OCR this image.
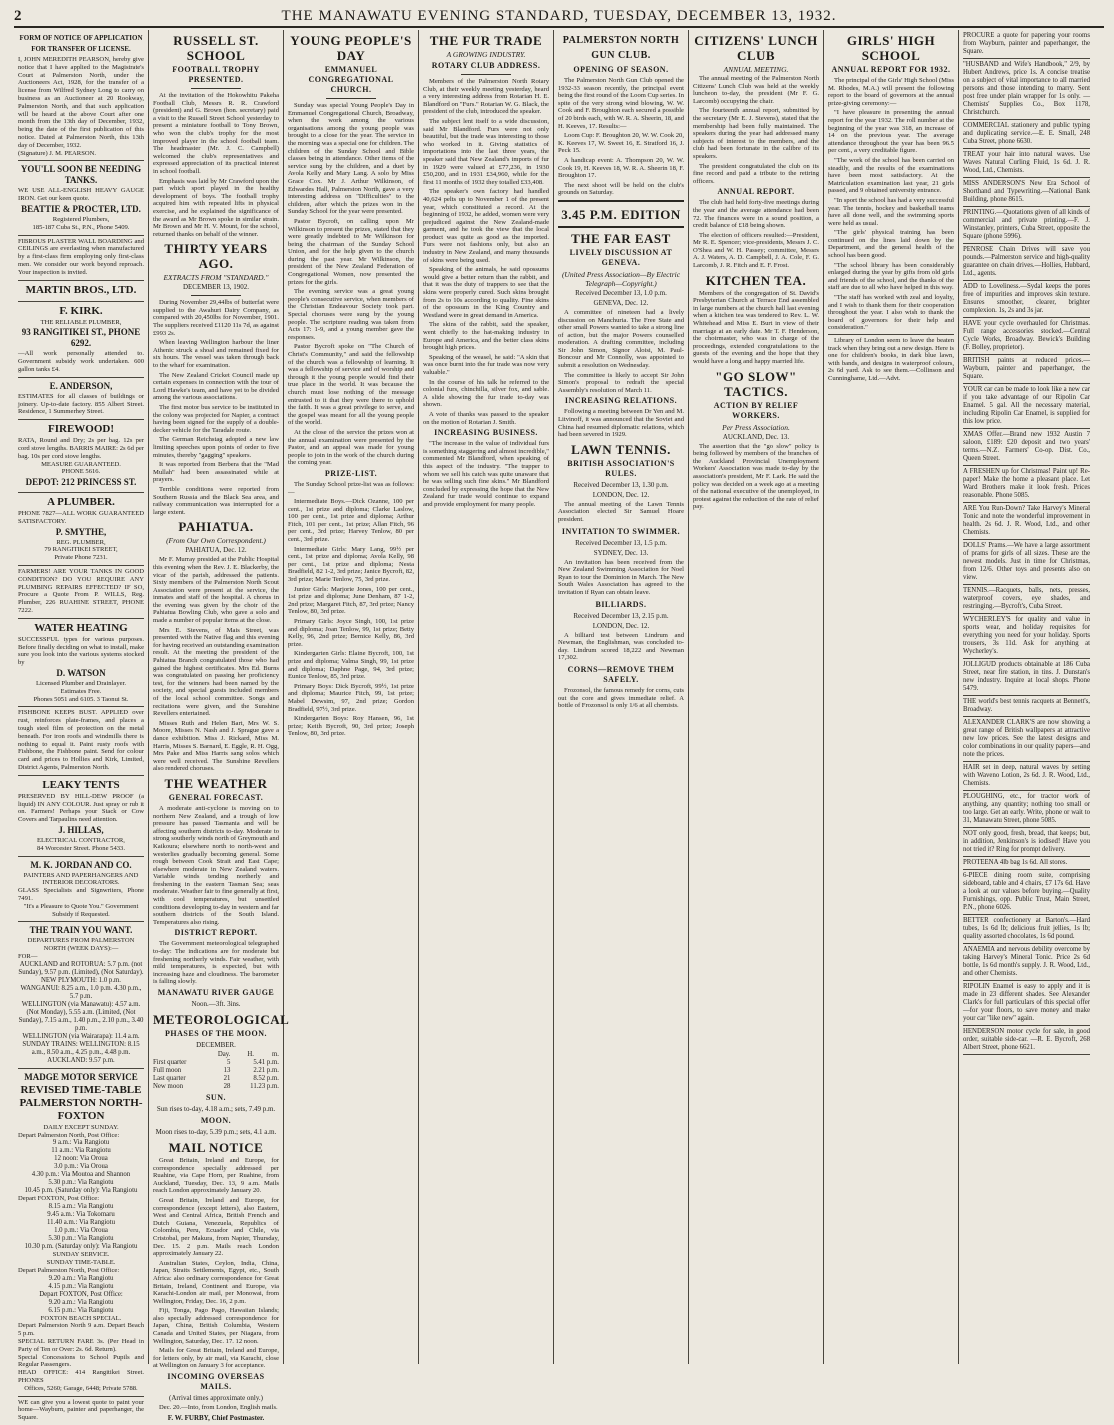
2	THE MANAWATU EVENING STANDARD, TUESDAY, DECEMBER 13, 1932.
FORM OF NOTICE OF APPLICATION FOR TRANSFER OF LICENSE.

I, JOHN MEREDITH PEARSON, hereby give notice that I have applied to the Magistrate's Court at Palmerston North, under the Auctioneers Act, 1928, for the transfer of a license from Wilfred Sydney Long to carry on business as an Auctioneer at 20 Rookway, Palmerston North, and that such application will be heard at the above Court after one month from the 13th day of December, 1932, being the date of the first publication of this notice. Dated at Palmerston North, this 13th day of December, 1932.

(Signature) J. M. PEARSON.

YOU'LL SOON BE NEEDING TANKS.

WE USE ALL-ENGLISH HEAVY GAUGE IRON. Get our keen quote.

BEATTIE & PROCTER, LTD.

Registered Plumbers,

185-187 Cuba St., P.N., Phone 5409.

FIBROUS PLASTER WALL BOARDING and CEILINGS are everlasting when manufactured by a first-class firm employing only first-class men. We consider our work beyond reproach. Your inspection is invited.

MARTIN BROS., LTD.
F. KIRK.

THE RELIABLE PLUMBER,

93 RANGITIKEI ST., PHONE 6292.

—All work personally attended to. Government subsidy work undertaken. 600 gallon tanks £4.

E. ANDERSON,

ESTIMATES for all classes of buildings or joinery. Up-to-date factory. 855 Albert Street. Residence, 1 Summerhey Street.

FIREWOOD!

RATA, Round and Dry; 2s per bag. 12s per cord stove lengths. BARRIS MAIRE: 2s 6d per bag. 10s per cord stove lengths.

MEASURE GUARANTEED.

PHONE 5616.

DEPOT: 212 PRINCESS ST.
A PLUMBER.

PHONE 7827—ALL WORK GUARANTEED SATISFACTORY.

P. SMYTHE,

REG. PLUMBER,

79 RANGITIKEI STREET,

Private Phone 7231.

FARMERS! ARE YOUR TANKS IN GOOD CONDITION? DO YOU REQUIRE ANY PLUMBING REPAIRS EFFECTED? IF SO, Procure a Quote From P. WILLS, Reg. Plumber, 226 RUAHINE STREET, PHONE 7222.

WATER HEATING

SUCCESSFUL types for various purposes. Before finally deciding on what to install, make sure you look into the various systems stocked by

D. WATSON

Licensed Plumber and Drainlayer.

Estimates Free.

Phones 5051 and 6105. 3 Taonui St.

FISHBONE KEEPS BUST. APPLIED over rust, reinforces plate-frames, and places a tough steel film of protection on the metal beneath. For iron roofs and windmills there is nothing to equal it. Paint rusty roofs with Fishbone, the Fishbone paint. Send for colour card and prices to Hollies and Kirk, Limited, District Agents, Palmerston North.

LEAKY TENTS

PRESERVED BY HILL-DEW PROOF (a liquid) IN ANY COLOUR. Just spray or rub it on. Farmers! Perhaps your Stack or Cow Covers and Tarpaulins need attention.

J. HILLAS,

ELECTRICAL CONTRACTOR,

84 Worcester Street. Phone 5433.

M. K. JORDAN AND CO.

PAINTERS AND PAPERHANGERS AND INTERIOR DECORATORS.

GLASS Specialists and Signwriters, Phone 7491.

"It's a Pleasure to Quote You." Government Subsidy if Requested.

THE TRAIN YOU WANT.

DEPARTURES FROM PALMERSTON NORTH (WEEK DAYS):—

FOR—

AUCKLAND and ROTORUA: 5.7 p.m. (not Sunday), 9.57 p.m. (Limited), (Not Saturday).

NEW PLYMOUTH: 1.0 p.m.

WANGANUI: 8.25 a.m., 1.0 p.m. 4.30 p.m., 5.7 p.m.

WELLINGTON (via Manawatu): 4.57 a.m. (Not Monday), 5.55 a.m. (Limited, (Not Sunday), 7.15 a.m., 1.40 p.m., 2.10 p.m., 3.40 p.m.

WELLINGTON (via Wairarapa): 11.4 a.m.

SUNDAY TRAINS: WELLINGTON: 8.15 a.m., 8.50 a.m., 4.25 p.m., 4.48 p.m.

AUCKLAND: 9.57 p.m.

MADGE MOTOR SERVICE
REVISED TIME-TABLE PALMERSTON NORTH-FOXTON

DAILY EXCEPT SUNDAY.

Depart Palmerston North, Post Office:

9 a.m.: Via Rangiotu

11 a.m.: Via Rangiotu

12 noon: Via Oroua

3.0 p.m.: Via Oroua

4.30 p.m.: Via Moutoa and Shannon

5.30 p.m.: Via Rangiotu

10.45 p.m. (Saturday only): Via Rangiotu

Depart FOXTON, Post Office:

8.15 a.m.: Via Rangiotu

9.45 a.m.: Via Tokomaru

11.40 a.m.: Via Rangiotu

1.0 p.m.: Via Oroua

5.30 p.m.: Via Rangiotu

10.30 p.m. (Saturday only): Via Rangiotu

SUNDAY SERVICE.

SUNDAY TIME-TABLE.

Depart Palmerston North, Post Office:

9.20 a.m.: Via Rangiotu

4.15 p.m.: Via Rangiotu

Depart FOXTON, Post Office:

9.20 a.m.: Via Rangiotu

6.15 p.m.: Via Rangiotu

FOXTON BEACH SPECIAL.

Depart Palmerston North 9 a.m. Depart Beach 5 p.m.

SPECIAL RETURN FARE 3s. (Per Head in Party of Ten or Over: 2s. 6d. Return).

Special Concessions to School Pupils and Regular Passengers.

HEAD OFFICE: 414 Rangitikei Street. PHONES

Offices, 5260; Garage, 6448; Private 5788.

WE can give you a lowest quote to paint your home—Wayburn, painter and paperhanger, the Square.

RUSSELL ST. SCHOOL
FOOTBALL TROPHY PRESENTED.

At the invitation of the Hokowhitu Pakeha Football Club, Messrs R. R. Crawford (president) and G. Brown (hon. secretary) paid a visit to the Russell Street School yesterday to present a miniature football to Tony Brown, who won the club's trophy for the most improved player in the school football team. The headmaster (Mr. J. C. Campbell) welcomed the club's representatives and expressed appreciation of its practical interest in school football.

Emphasis was laid by Mr Crawford upon the part which sport played in the healthy development of boys. The football trophy acquired him with repeated lifts in physical exercise, and he explained the significance of the award as Mr Brown spoke in similar strain. Mr Brown and Mr H. V. Mount, for the school, returned thanks on behalf of the winner.

THIRTY YEARS AGO.
EXTRACTS FROM "STANDARD."
DECEMBER 13, 1902.

During November 29,44lbs of butterfat were supplied to the Awahuri Dairy Company, as compared with 20,450lbs for November, 1901. The suppliers received £1120 11s 7d, as against £993 2s.

When leaving Wellington harbour the liner Athenic struck a shoal and remained fixed for six hours. The vessel was taken through back to the wharf for examination.

The New Zealand Cricket Council made up certain expenses in connection with the tour of Lord Hawke's team, and have yet to be divided among the various associations.

The first motor bus service to be instituted in the colony was projected for Napier, a contract having been signed for the supply of a double-decker vehicle for the Taradale route.

The German Reichstag adopted a new law limiting speeches upon points of order to five minutes, thereby "gagging" speakers.

It was reported from Berbera that the "Mad Mullah" had been assassinated while at prayers.

Terrible conditions were reported from Southern Russia and the Black Sea area, and railway communication was interrupted for a large extent.

PAHIATUA.
(From Our Own Correspondent.)
PAHIATUA, Dec. 12.

Mr F. Murray presided at the Public Hospital this evening when the Rev. J. E. Blackerby, the vicar of the parish, addressed the patients. Sixty members of the Palmerston North Scout Association were present at the service, the inmates and staff of the hospital. A chorus in the evening was given by the choir of the Pahiatua Bowling Club, who gave a solo and made a number of popular items at the close.

Mrs E. Stevens, of Mais Street, was presented with the Native flag and this evening for having received an outstanding examination result. At the meeting the president of the Pahiatua Branch congratulated those who had gained the highest certificates. Mrs Ed. Burns was congratulated on passing her proficiency test, for the winners had been named by the society, and special guests included members of the local school committee. Songs and recitations were given, and the Sunshine Revellers entertained.

Misses Ruth and Helen Bart, Mrs W. S. Moore, Misses N. Nash and J. Sprague gave a dance exhibition. Miss J. Rickard, Miss M. Harris, Misses S. Barnard, E. Eggle, R. H. Ogg, Mrs Pake and Miss Harris sang solos which were well received. The Sunshine Revellers also rendered choruses.

THE WEATHER
GENERAL FORECAST.

A moderate anti-cyclone is moving on to northern New Zealand, and a trough of low pressure has passed Tasmania and will be affecting southern districts to-day. Moderate to strong southerly winds north of Greymouth and Kaikoura; elsewhere north to north-west and westerlies gradually becoming general. Some rough between Cook Strait and East Cape; elsewhere moderate in New Zealand waters. Variable winds tending northerly and freshening in the eastern Tasman Sea; seas moderate. Weather fair to fine generally at first, with cool temperatures, but unsettled conditions developing to-day in western and far southern districts of the South Island. Temperatures also rising.

DISTRICT REPORT.

The Government meteorological telegraphed to-day: The indications are for moderate but freshening northerly winds. Fair weather, with mild temperatures, is expected, but with increasing haze and cloudiness. The barometer is falling slowly.

MANAWATU RIVER GAUGE
Noon.—3ft. 3ins.
METEOROLOGICAL
PHASES OF THE MOON.
DECEMBER.
	Day.	H.	m.
First quarter	5	5.41 p.m.	
Full moon	13	2.21 p.m.	
Last quarter	21	8.52 p.m.	
New moon	28	11.23 p.m.	
SUN.
Sun rises to-day, 4.18 a.m.; sets, 7.49 p.m.
MOON.
Moon rises to-day, 5.39 p.m.; sets, 4.1 a.m.
MAIL NOTICE

Great Britain, Ireland and Europe, for correspondence specially addressed per Ruahine, via Cape Horn, per Ruahine, from Auckland, Tuesday, Dec. 13, 9 a.m. Mails reach London approximately January 20.

Great Britain, Ireland and Europe, for correspondence (except letters), also Eastern, West and Central Africa, British French and Dutch Guiana, Venezuela, Republics of Colombia, Peru, Ecuador and Chile, via Cristobal, per Makura, from Napier, Thursday, Dec. 15. 2 p.m. Mails reach London approximately January 22.

Australian States, Ceylon, India, China, Japan, Straits Settlements, Egypt, etc., South Africa: also ordinary correspondence for Great Britain, Ireland, Continent and Europe, via Karachi-London air mail, per Monowai, from Wellington, Friday, Dec. 16, 2 p.m.

Fiji, Tonga, Pago Pago, Hawaiian Islands; also specially addressed correspondence for Japan, China, British Columbia, Western Canada and United States, per Niagara, from Wellington, Saturday, Dec. 17. 12 noon.

Mails for Great Britain, Ireland and Europe, for letters only, by air mail, via Karachi, close at Wellington on January 3 for acceptance.

INCOMING OVERSEAS MAILS.
(Arrival times approximate only.)

Dec. 20.—Into, from London, English mails.

F. W. FURBY, Chief Postmaster.
YOUNG PEOPLE'S DAY
EMMANUEL CONGREGATIONAL CHURCH.

Sunday was special Young People's Day in Emmanuel Congregational Church, Broadway, when the work among the various organisations among the young people was brought to a close for the year. The service in the morning was a special one for children. The children of the Sunday School and Bible classes being in attendance. Other items of the service sung by the children, and a duet by Avola Kelly and Mary Lang. A solo by Miss Grace Cox. Mr J. Arthur Wilkinson, of Edwardes Hall, Palmerston North, gave a very interesting address on "Difficulties" to the children, after which the prizes won in the Sunday School for the year were presented.

Pastor Bycroft, on calling upon Mr Wilkinson to present the prizes, stated that they were greatly indebted to Mr Wilkinson for being the chairman of the Sunday School Union, and for the help given to the church during the past year. Mr Wilkinson, the president of the New Zealand Federation of Congregational Women, now presented the prizes for the girls.

The evening service was a great young people's consecutive service, when members of the Christian Endeavour Society took part. Special choruses were sung by the young people. The scripture reading was taken from Acts 17: 1-9, and a young member gave the responses.

Pastor Bycroft spoke on "The Church of Christ's Community," and said the fellowship of the church was a fellowship of learning. It was a fellowship of service and of worship and through it the young people would find their true place in the world. It was because the church must lose nothing of the message entrusted to it that they were there to uphold the faith. It was a great privilege to serve, and the gospel was meant for all the young people of the world.

At the close of the service the prizes won at the annual examination were presented by the Pastor, and an appeal was made for young people to join in the work of the church during the coming year.

PRIZE-LIST.

The Sunday School prize-list was as follows:—

Intermediate Boys.—Dick Ozanne, 100 per cent., 1st prize and diploma; Clarke Laslow, 100 per cent., 1st prize and diploma; Arthur Fitch, 101 per cent., 1st prize; Allan Fitch, 96 per cent., 3rd prize; Harvey Tenlow, 80 per cent., 3rd prize.

Intermediate Girls: Mary Lang, 99½ per cent., 1st prize and diploma; Avola Kelly, 98 per cent., 1st prize and diploma; Nesta Bradfield, 82 1-2, 3rd prize; Janice Bycroft, 82, 3rd prize; Marie Tenlow, 75, 3rd prize.

Junior Girls: Marjorie Jones, 100 per cent., 1st prize and diploma; June Denham, 87 1-2, 2nd prize; Margaret Fitch, 87, 3rd prize; Nancy Tenlow, 80, 3rd prize.

Primary Girls: Joyce Singh, 100, 1st prize and diploma; Joan Tenlow, 99, 1st prize; Betty Kelly, 96, 2nd prize; Bernice Kelly, 86, 3rd prize.

Kindergarten Girls: Elaine Bycroft, 100, 1st prize and diploma; Valma Singh, 99, 1st prize and diploma; Daphne Page, 94, 3rd prize; Eunice Tenlow, 85, 3rd prize.

Primary Boys: Dick Bycroft, 99½, 1st prize and diploma; Maurice Fitch, 99, 1st prize; Mabel Dewsim, 97, 2nd prize; Gordon Bradfield, 97½, 3rd prize.

Kindergarten Boys: Roy Hansen, 96, 1st prize; Keith Bycroft, 90, 3rd prize; Joseph Tenlow, 80, 3rd prize.

THE FUR TRADE
A GROWING INDUSTRY.
ROTARY CLUB ADDRESS.

Members of the Palmerston North Rotary Club, at their weekly meeting yesterday, heard a very interesting address from Rotarian H. E. Blandford on "Furs." Rotarian W. G. Black, the president of the club, introduced the speaker.

The subject lent itself to a wide discussion, said Mr Blandford. Furs were not only beautiful, but the trade was interesting to those who worked in it. Giving statistics of importations into the last three years, the speaker said that New Zealand's imports of fur in 1929 were valued at £77,236, in 1930 £50,200, and in 1931 £34,960, while for the first 11 months of 1932 they totalled £33,408.

The speaker's own factory had handled 40,624 pelts up to November 1 of the present year, which constituted a record. At the beginning of 1932, he added, women were very prejudiced against the New Zealand-made garment, and he took the view that the local product was quite as good as the imported. Furs were not fashions only, but also an industry in New Zealand, and many thousands of skins were being used.

Speaking of the animals, he said opossums would give a better return than the rabbit, and that it was the duty of trappers to see that the skins were properly cured. Such skins brought from 2s to 10s according to quality. Fine skins of the opossum in the King Country and Westland were in great demand in America.

The skins of the rabbit, said the speaker, went chiefly to the hat-making industry in Europe and America, and the better class skins brought high prices.

Speaking of the weasel, he said: "A skin that was once burnt into the fur trade was now very valuable."

In the course of his talk he referred to the colonial furs, chinchilla, silver fox, and sable. A slide showing the fur trade to-day was shown.

A vote of thanks was passed to the speaker on the motion of Rotarian J. Smith.

INCREASING BUSINESS.

"The increase in the value of individual furs is something staggering and almost incredible," commented Mr Blandford, when speaking of this aspect of the industry. "The trapper to whom we sell his catch was quite unaware that he was selling such fine skins." Mr Blandford concluded by expressing the hope that the New Zealand fur trade would continue to expand and provide employment for many people.

PALMERSTON NORTH GUN CLUB.
OPENING OF SEASON.

The Palmerston North Gun Club opened the 1932-33 season recently, the principal event being the first round of the Loom Cup series. In spite of the very strong wind blowing, W. W. Cook and F. Broughton each secured a possible of 20 birds each, with W. R. A. Sheerin, 18, and H. Keeves, 17. Results:—

Loom Cup: F. Broughton 20, W. W. Cook 20, K. Keeves 17, W. Sweet 16, E. Stratford 16, J. Peck 15.

A handicap event: A. Thompson 20, W. W. Cook 19, H. Keeves 18, W. R. A. Sheerin 18, F. Broughton 17.

The next shoot will be held on the club's grounds on Saturday.

3.45 P.M. EDITION
THE FAR EAST
LIVELY DISCUSSION AT GENEVA.
(United Press Association—By Electric Telegraph—Copyright.)
Received December 13, 1.0 p.m.
GENEVA, Dec. 12.

A committee of nineteen had a lively discussion on Manchuria. The Free State and other small Powers wanted to take a strong line of action, but the major Powers counselled moderation. A drafting committee, including Sir John Simon, Signor Aloisi, M. Paul-Boncour and Mr Connolly, was appointed to submit a resolution on Wednesday.

The committee is likely to accept Sir John Simon's proposal to redraft the special Assembly's resolution of March 11.

INCREASING RELATIONS.

Following a meeting between Dr Yen and M. Litvinoff, it was announced that the Soviet and China had resumed diplomatic relations, which had been severed in 1929.

LAWN TENNIS.
BRITISH ASSOCIATION'S RULES.
Received December 13, 1.30 p.m.
LONDON, Dec. 12.

The annual meeting of the Lawn Tennis Association elected Sir Samuel Hoare president.

INVITATION TO SWIMMER.
Received December 13, 1.5 p.m.
SYDNEY, Dec. 13.

An invitation has been received from the New Zealand Swimming Association for Noel Ryan to tour the Dominion in March. The New South Wales Association has agreed to the invitation if Ryan can obtain leave.

BILLIARDS.
Received December 13, 2.15 p.m.
LONDON, Dec. 12.

A billiard test between Lindrum and Newman, the Englishman, was concluded to-day. Lindrum scored 18,222 and Newman 17,302.

CORNS—REMOVE THEM SAFELY.

Frozonsol, the famous remedy for corns, cuts out the core and gives immediate relief. A bottle of Frozonsol is only 1/6 at all chemists.

CITIZENS' LUNCH CLUB
ANNUAL MEETING.

The annual meeting of the Palmerston North Citizens' Lunch Club was held at the weekly luncheon to-day, the president (Mr F. G. Larcomb) occupying the chair.

The fourteenth annual report, submitted by the secretary (Mr E. J. Stevens), stated that the membership had been fully maintained. The speakers during the year had addressed many subjects of interest to the members, and the club had been fortunate in the calibre of its speakers.

The president congratulated the club on its fine record and paid a tribute to the retiring officers.

ANNUAL REPORT.

The club had held forty-five meetings during the year and the average attendance had been 72. The finances were in a sound position, a credit balance of £18 being shown.

The election of officers resulted:—President, Mr R. E. Spencer; vice-presidents, Messrs J. C. O'Shea and W. H. Passey; committee, Messrs A. J. Waters, A. D. Campbell, J. A. Cole, F. G. Larcomb, J. R. Fitch and E. F. Frost.

KITCHEN TEA.

Members of the congregation of St. David's Presbyterian Church at Terrace End assembled in large numbers at the church hall last evening when a kitchen tea was tendered to Rev. L. W. Whitehead and Miss E. Burt in view of their marriage at an early date. Mr T. F. Henderson, the choirmaster, who was in charge of the proceedings, extended congratulations to the guests of the evening and the hope that they would have a long and happy married life.

"GO SLOW" TACTICS.
ACTION BY RELIEF WORKERS.
Per Press Association.
AUCKLAND, Dec. 13.

The assertion that the "go slow" policy is being followed by members of the branches of the Auckland Provincial Unemployment Workers' Association was made to-day by the association's president, Mr F. Lark. He said the policy was decided on a week ago at a meeting of the national executive of the unemployed, in protest against the reduction of the rate of relief pay.

GIRLS' HIGH SCHOOL
ANNUAL REPORT FOR 1932.

The principal of the Girls' High School (Miss M. Rhodes, M.A.) will present the following report to the board of governors at the annual prize-giving ceremony:—

"I have pleasure in presenting the annual report for the year 1932. The roll number at the beginning of the year was 318, an increase of 14 on the previous year. The average attendance throughout the year has been 96.5 per cent., a very creditable figure.

"The work of the school has been carried on steadily, and the results of the examinations have been most satisfactory. At the Matriculation examination last year, 21 girls passed, and 9 obtained university entrance.

"In sport the school has had a very successful year. The tennis, hockey and basketball teams have all done well, and the swimming sports were held as usual.

"The girls' physical training has been continued on the lines laid down by the Department, and the general health of the school has been good.

"The school library has been considerably enlarged during the year by gifts from old girls and friends of the school, and the thanks of the staff are due to all who have helped in this way.

"The staff has worked with zeal and loyalty, and I wish to thank them for their cooperation throughout the year. I also wish to thank the board of governors for their help and consideration."

Library of London seem to leave the beaten track when they bring out a new design. Here is one for children's books, in dark blue lawn, with bands, and designs in waterproof colours, 2s 6d yard. Ask to see them.—Collinson and Cunninghame, Ltd.—Advt.

PROCURE a quote for papering your rooms from Wayburn, painter and paperhanger, the Square.

"HUSBAND and Wife's Handbook," 2/9, by Hubert Andrews, price 1s. A concise treatise on a subject of vital importance to all married persons and those intending to marry. Sent post free under plain wrapper for 1s only. —Chemists' Supplies Co., Box 1178, Christchurch.

COMMERCIAL stationery and public typing and duplicating service.—E. E. Small, 248 Cuba Street, phone 6630.

TREAT your hair into natural waves. Use Waves Natural Curling Fluid, 1s 6d. J. R. Wood, Ltd., Chemists.

MISS ANDERSON'S New Era School of Shorthand and Typewriting.—National Bank Building, phone 8615.

PRINTING.—Quotations given of all kinds of commercial and private printing.—F. J. Winstanley, printers, Cuba Street, opposite the Square (phone 5996).

PENROSE Chain Drives will save you pounds.—Palmerston service and high-quality guarantee on chain drives.—Hollies, Hubbard, Ltd., agents.

ADD to Loveliness.—Sydal keeps the pores free of impurities and improves skin texture. Ensures smoother, clearer, brighter complexion. 1s, 2s and 3s jar.

HAVE your cycle overhauled for Christmas. Full range accessories stocked.—Central Cycle Works, Broadway. Bewick's Building (F. Bolley, proprietor).

BRITISH paints at reduced prices.—Wayburn, painter and paperhanger, the Square.

YOUR car can be made to look like a new car if you take advantage of our Ripolin Car Enamel. 5 gal. All the necessary material, including Ripolin Car Enamel, is supplied for this low price.

XMAS Offer.—Brand new 1932 Austin 7 saloon, £189: £20 deposit and two years' terms.—N.Z. Farmers' Co-op. Dist. Co., Queen Street.

A FRESHEN up for Christmas! Paint up! Re-paper! Make the home a pleasant place. Let Ward Brothers make it look fresh. Prices reasonable. Phone 5085.

ARE You Run-Down? Take Harvey's Mineral Tonic and note the wonderful improvement in health. 2s 6d. J. R. Wood, Ltd., and other Chemists.

DOLLS' Prams.—We have a large assortment of prams for girls of all sizes. These are the newest models. Just in time for Christmas, from 12/6. Other toys and presents also on view.

TENNIS.—Racquets, balls, nets, presses, waterproof covers, eye shades, and restringing.—Bycroft's, Cuba Street.

WYCHERLEY'S for quality and value in sports wear, and holiday requisites for everything you need for your holiday. Sports trousers, 3s 11d. Ask for anything at Wycherley's.

JOLLIGUD products obtainable at 186 Cuba Street, near fire station, in tins. J. Dunstan's new industry. Inquire at local shops. Phone 5479.

THE world's best tennis racquets at Bennett's, Broadway.

ALEXANDER CLARK'S are now showing a great range of British wallpapers at attractive new low prices. See the latest designs and color combinations in our quality papers—and note the prices.

HAIR set in deep, natural waves by setting with Waveno Lotion, 2s 6d. J. R. Wood, Ltd., Chemists.

PLOUGHING, etc., for tractor work of anything, any quantity; nothing too small or too large. Get an early. Write, phone or wait to 31, Manawatu Street, phone 5085.

NOT only good, fresh, bread, that keeps; but, in addition, Jenkinson's is iodised! Have you not tried it? Ring for prompt delivery.

PROTEENA 4lb bag 1s 6d. All stores.

6-PIECE dining room suite, comprising sideboard, table and 4 chairs, £7 17s 6d. Have a look at our values before buying.—Quality Furnishings, opp. Public Trust, Main Street, P.N., phone 6026.

BETTER confectionery at Barton's.—Hard tubes, 1s 6d lb; delicious fruit jellies, 1s lb; quality assorted chocolates, 1s 6d pound.

ANAEMIA and nervous debility overcome by taking Harvey's Mineral Tonic. Price 2s 6d bottle, 1s 6d month's supply. J. R. Wood, Ltd., and other Chemists.

RIPOLIN Enamel is easy to apply and it is made in 23 different shades. See Alexander Clark's for full particulars of this special offer—for your floors, to save money and make your car "like new" again.

HENDERSON motor cycle for sale, in good order, suitable side-car. —R. E. Bycroft, 268 Albert Street, phone 6621.
